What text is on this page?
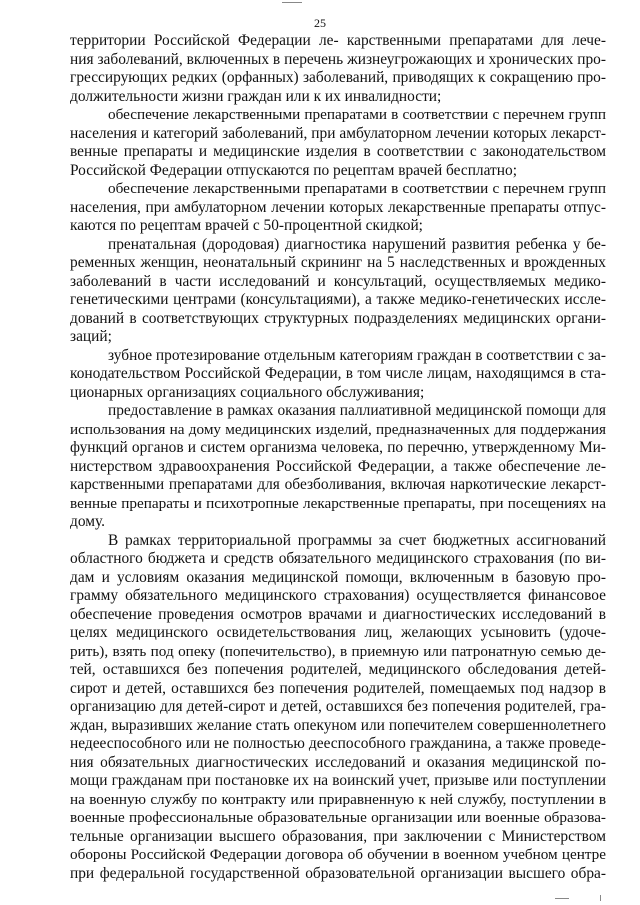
25
территории Российской Федерации ле- карственными препаратами для лече-
ния заболеваний, включенных в перечень жизнеугрожающих и хронических про-
грессирующих редких (орфанных) заболеваний, приводящих к сокращению про-
должительности жизни граждан или к их инвалидности;
обеспечение лекарственными препаратами в соответствии с перечнем групп
населения и категорий заболеваний, при амбулаторном лечении которых лекарст-
венные препараты и медицинские изделия в соответствии с законодательством
Российской Федерации отпускаются по рецептам врачей бесплатно;
обеспечение лекарственными препаратами в соответствии с перечнем групп
населения, при амбулаторном лечении которых лекарственные препараты отпус-
каются по рецептам врачей с 50-процентной скидкой;
пренатальная (дородовая) диагностика нарушений развития ребенка у бе-
ременных женщин, неонатальный скрининг на 5 наследственных и врожденных
заболеваний в части исследований и консультаций, осуществляемых медико-
генетическими центрами (консультациями), а также медико-генетических иссле-
дований в соответствующих структурных подразделениях медицинских органи-
заций;
зубное протезирование отдельным категориям граждан в соответствии с за-
конодательством Российской Федерации, в том числе лицам, находящимся в ста-
ционарных организациях социального обслуживания;
предоставление в рамках оказания паллиативной медицинской помощи для
использования на дому медицинских изделий, предназначенных для поддержания
функций органов и систем организма человека, по перечню, утвержденному Ми-
нистерством здравоохранения Российской Федерации, а также обеспечение ле-
карственными препаратами для обезболивания, включая наркотические лекарст-
венные препараты и психотропные лекарственные препараты, при посещениях на
дому.
В рамках территориальной программы за счет бюджетных ассигнований
областного бюджета и средств обязательного медицинского страхования (по ви-
дам и условиям оказания медицинской помощи, включенным в базовую про-
грамму обязательного медицинского страхования) осуществляется финансовое
обеспечение проведения осмотров врачами и диагностических исследований в
целях медицинского освидетельствования лиц, желающих усыновить (удоче-
рить), взять под опеку (попечительство), в приемную или патронатную семью де-
тей, оставшихся без попечения родителей, медицинского обследования детей-
сирот и детей, оставшихся без попечения родителей, помещаемых под надзор в
организацию для детей-сирот и детей, оставшихся без попечения родителей, гра-
ждан, выразивших желание стать опекуном или попечителем совершеннолетнего
недееспособного или не полностью дееспособного гражданина, а также проведе-
ния обязательных диагностических исследований и оказания медицинской по-
мощи гражданам при постановке их на воинский учет, призыве или поступлении
на военную службу по контракту или приравненную к ней службу, поступлении в
военные профессиональные образовательные организации или военные образова-
тельные организации высшего образования, при заключении с Министерством
обороны Российской Федерации договора об обучении в военном учебном центре
при федеральной государственной образовательной организации высшего обра-
